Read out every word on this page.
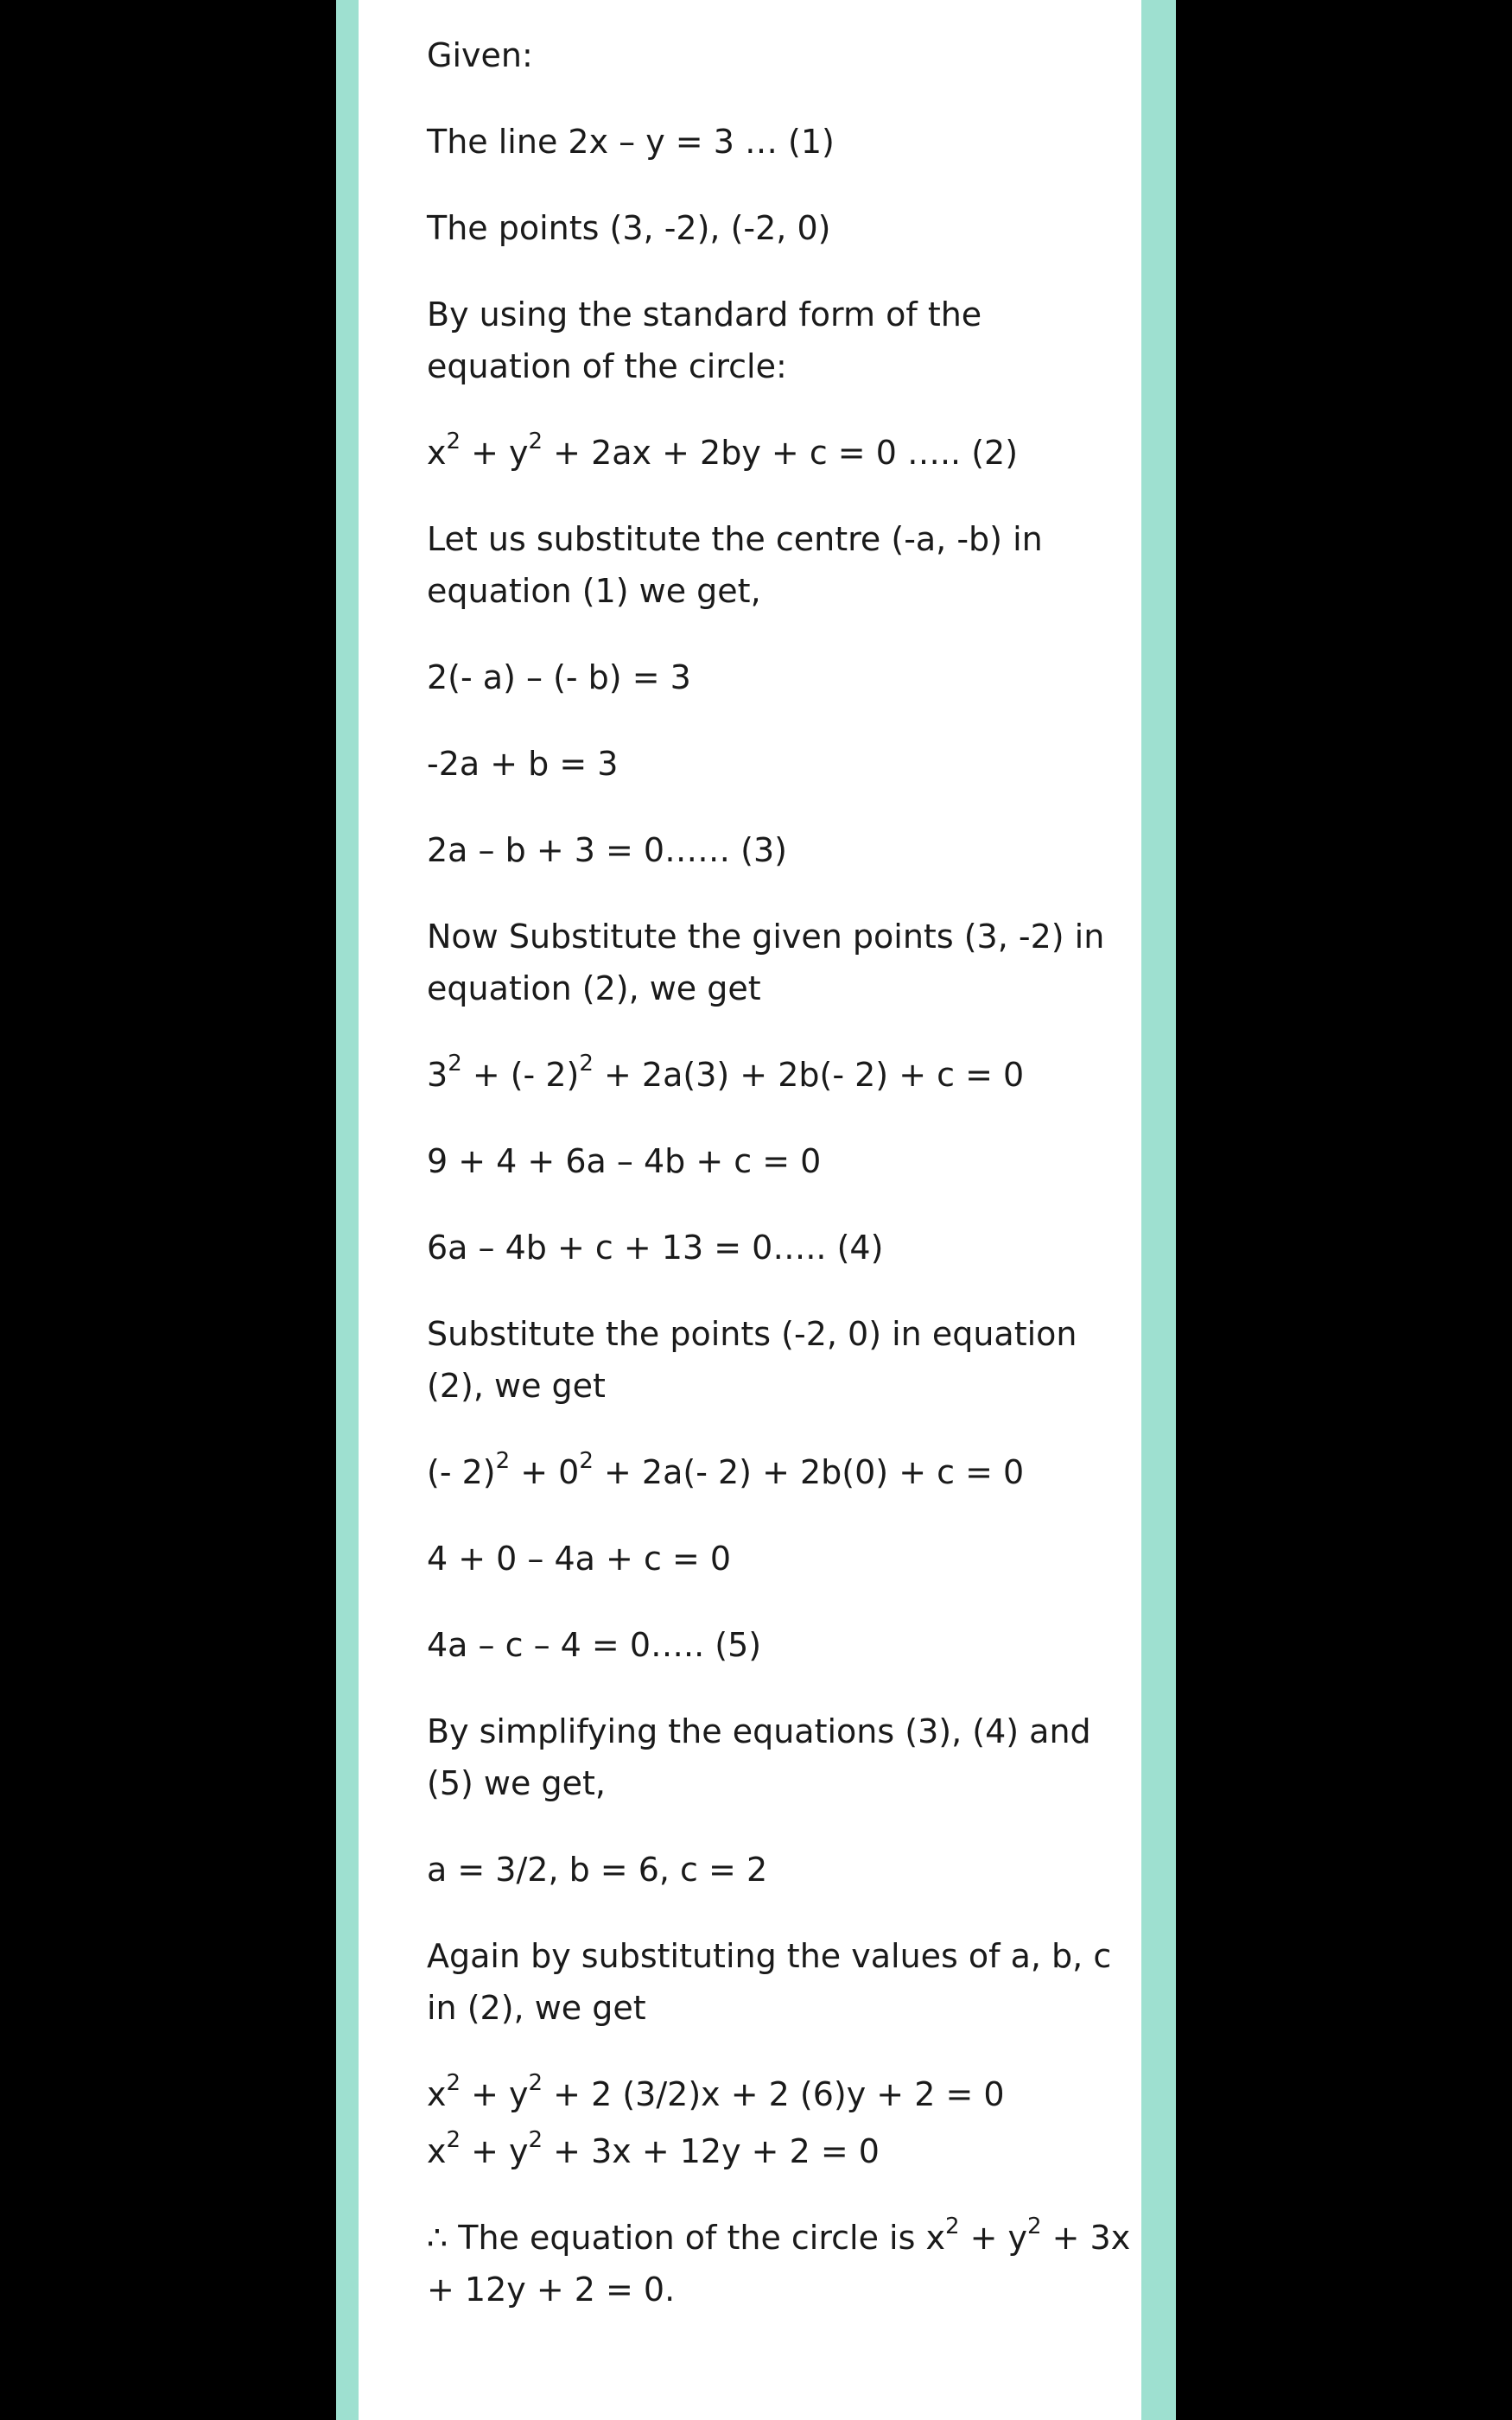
Given:

The line 2x – y = 3 … (1)

The points (3, -2), (-2, 0)

By using the standard form of the equation of the circle:

$x^2 + y^2 + 2ax + 2by + c = 0$ ….. (2)

Let us substitute the centre (-a, -b) in equation (1) we get,

2(- a) – (- b) = 3

-2a + b = 3

2a – b + 3 = 0…… (3)

Now Substitute the given points (3, -2) in equation (2), we get

$3^2$ + (- 2)$^2$ + 2a(3) + 2b(- 2) + c = 0

9 + 4 + 6a – 4b + c = 0

6a – 4b + c + 13 = 0….. (4)

Substitute the points (-2, 0) in equation (2), we get

(- $2)^2 + 0^2 + 2a(-$ 2) + 2b(0) + c = 0

4 + 0 – 4a + c = 0

4a – c – 4 = 0….. (5)

By simplifying the equations (3), (4) and (5) we get,

a = 3/2, b = 6, c = 2

Again by substituting the values of a, b, c in (2), we get

$x^2 + y^2 + 2$ (3/2)x + 2 (6)y + 2 = 0

$x^2 + y^2 + 3x + 12y + 2 = 0$

∴ The equation of the circle is $x^2 + y^2 + 3x + 12y + 2 = 0$.
